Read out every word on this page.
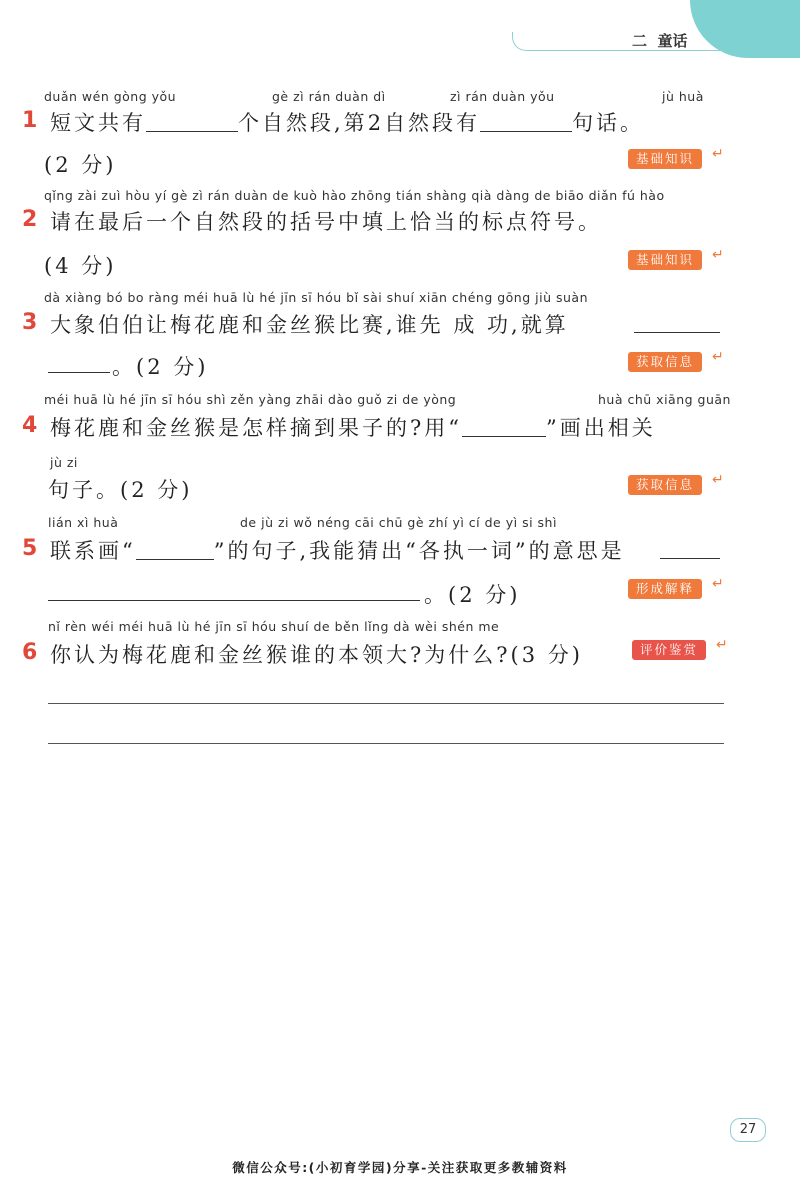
二 童话
duǎn wén gòng yǒu	gè zì rán duàn dì	zì rán duàn yǒu	jù huà
1 短文共有	个自然段,第2自然段有	句话。
(2 分)	基础知识	↵
qǐng zài zuì hòu yí gè zì rán duàn de kuò hào zhōng tián shàng qià dàng de biāo diǎn fú hào
2 请在最后一个自然段的括号中填上恰当的标点符号。
(4 分)	基础知识	↵
dà xiàng bó bo ràng méi huā lù hé jīn sī hóu bǐ sài shuí xiān chéng gōng jiù suàn
3 大象伯伯让梅花鹿和金丝猴比赛,谁先 成 功,就算
。(2 分)	获取信息	↵
méi huā lù hé jīn sī hóu shì zěn yàng zhāi dào guǒ zi de yòng	huà chū xiāng guān
4 梅花鹿和金丝猴是怎样摘到果子的?用“	”画出相关
jù zi
句子。(2 分)	获取信息	↵
lián xì huà	de jù zi wǒ néng cāi chū gè zhí yì cí de yì si shì
5 联系画“	”的句子,我能猜出“各执一词”的意思是
。(2 分)	形成解释	↵
nǐ rèn wéi méi huā lù hé jīn sī hóu shuí de běn lǐng dà wèi shén me
6 你认为梅花鹿和金丝猴谁的本领大?为什么?(3 分)	评价鉴赏	↵
27
微信公众号:(小初育学园)分享-关注获取更多教辅资料
